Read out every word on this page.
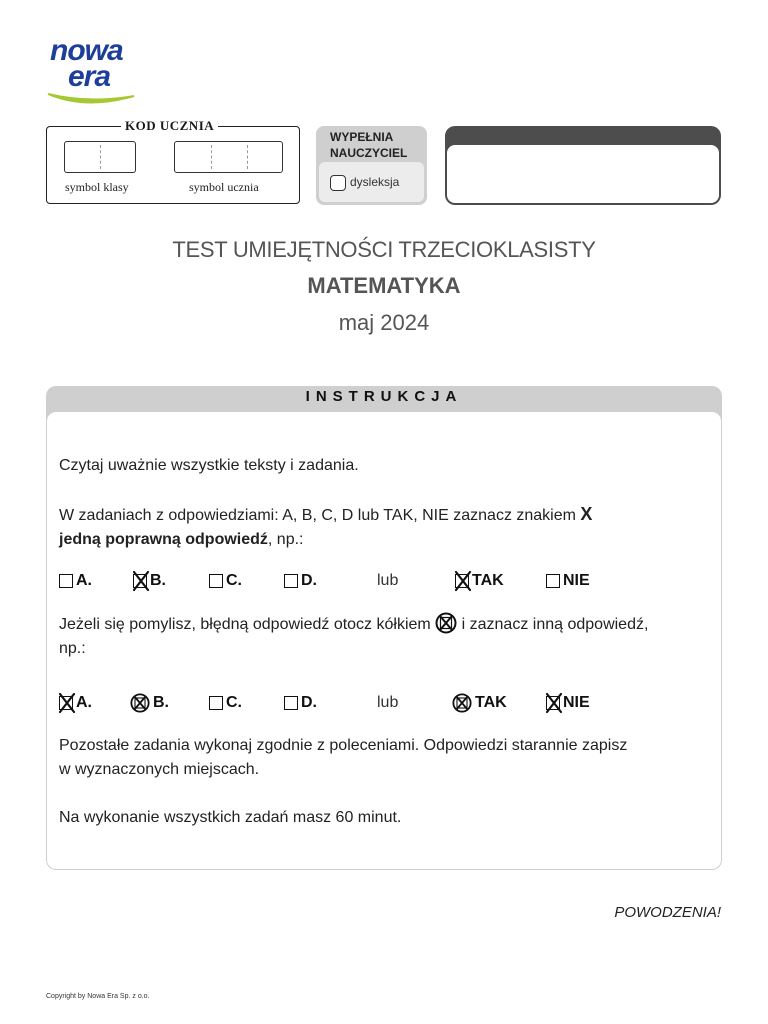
nowa
era
KOD UCZNIA
symbol klasy	symbol ucznia
WYPEŁNIA
NAUCZYCIEL
dysleksja
TEST UMIEJĘTNOŚCI TRZECIOKLASISTY
MATEMATYKA
maj 2024
INSTRUKCJA
Czytaj uważnie wszystkie teksty i zadania.
W zadaniach z odpowiedziami: A, B, C, D lub TAK, NIE zaznacz znakiem X
jedną poprawną odpowiedź, np.:
A.	B.	C.	D.	lub	TAK	NIE
Jeżeli się pomylisz, błędną odpowiedź otocz kółkiem  i zaznacz inną odpowiedź,
np.:
A.	B.	C.	D.	lub	TAK	NIE
Pozostałe zadania wykonaj zgodnie z poleceniami. Odpowiedzi starannie zapisz
w wyznaczonych miejscach.
Na wykonanie wszystkich zadań masz 60 minut.
POWODZENIA!
Copyright by Nowa Era Sp. z o.o.
